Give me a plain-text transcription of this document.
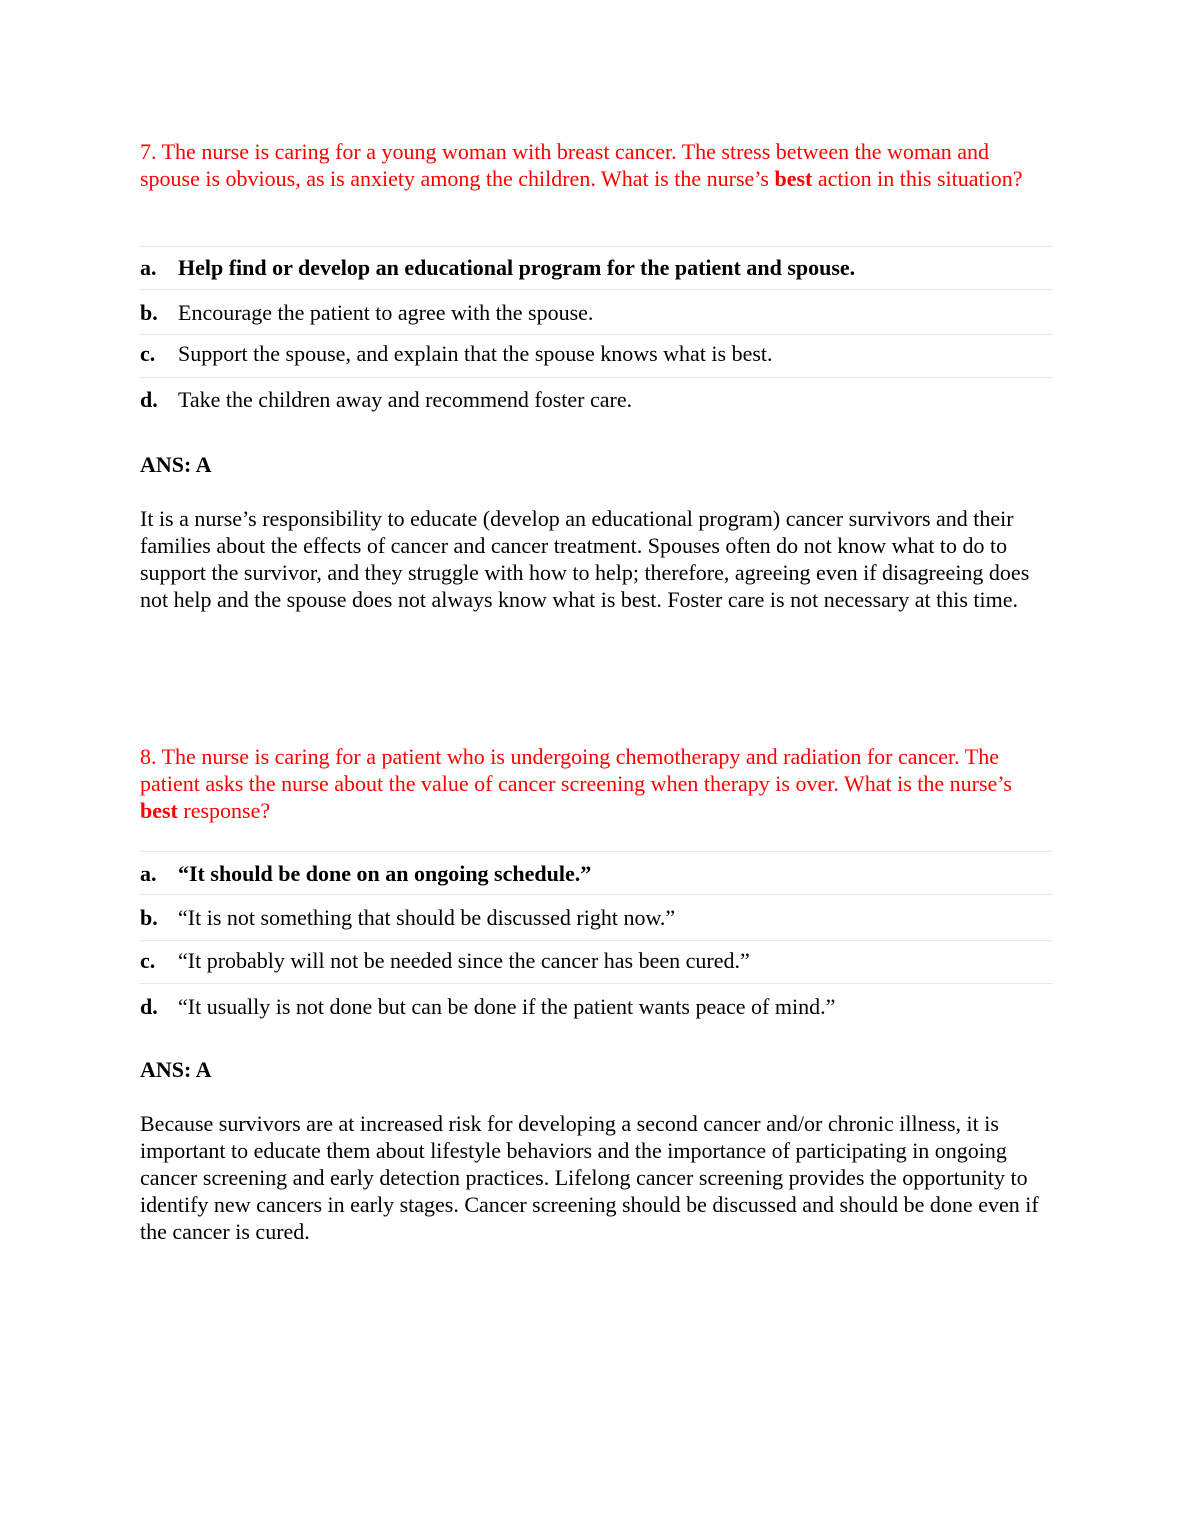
7. The nurse is caring for a young woman with breast cancer. The stress between the woman and spouse is obvious, as is anxiety among the children. What is the nurse’s best action in this situation?

a. Help find or develop an educational program for the patient and spouse.
b. Encourage the patient to agree with the spouse.
c. Support the spouse, and explain that the spouse knows what is best.
d. Take the children away and recommend foster care.

ANS: A

It is a nurse’s responsibility to educate (develop an educational program) cancer survivors and their families about the effects of cancer and cancer treatment. Spouses often do not know what to do to support the survivor, and they struggle with how to help; therefore, agreeing even if disagreeing does not help and the spouse does not always know what is best. Foster care is not necessary at this time.

8. The nurse is caring for a patient who is undergoing chemotherapy and radiation for cancer. The patient asks the nurse about the value of cancer screening when therapy is over. What is the nurse’s best response?

a. “It should be done on an ongoing schedule.”
b. “It is not something that should be discussed right now.”
c. “It probably will not be needed since the cancer has been cured.”
d. “It usually is not done but can be done if the patient wants peace of mind.”

ANS: A

Because survivors are at increased risk for developing a second cancer and/or chronic illness, it is important to educate them about lifestyle behaviors and the importance of participating in ongoing cancer screening and early detection practices. Lifelong cancer screening provides the opportunity to identify new cancers in early stages. Cancer screening should be discussed and should be done even if the cancer is cured.
